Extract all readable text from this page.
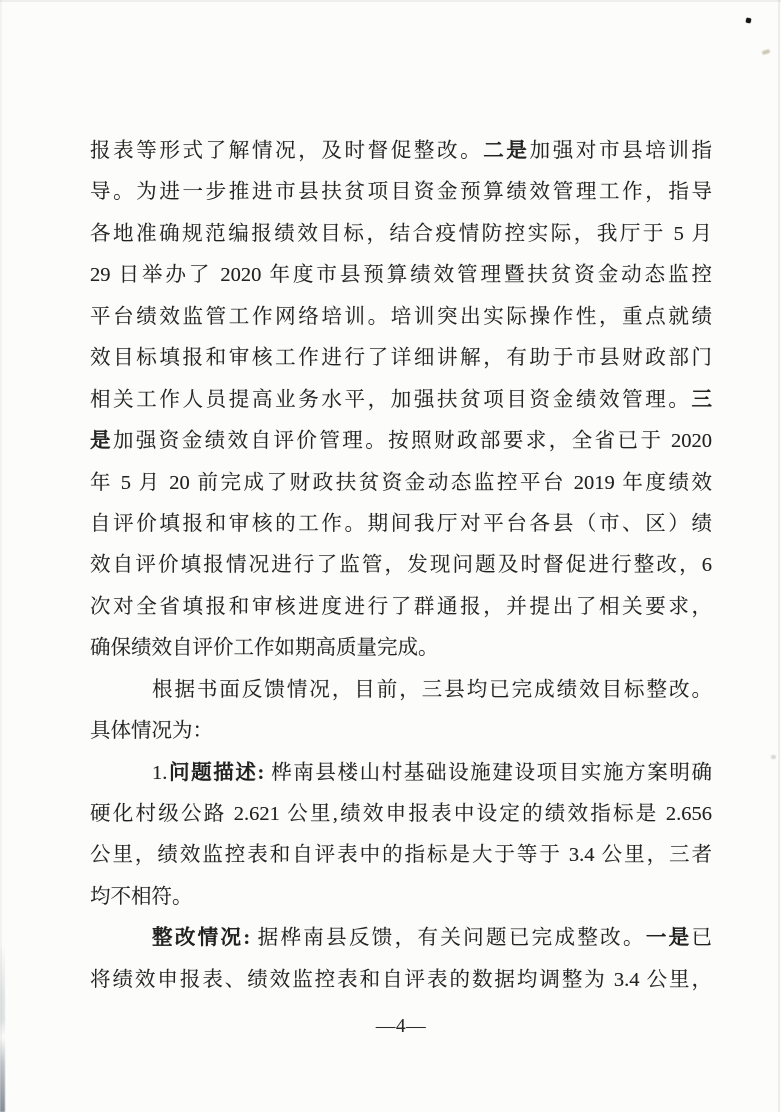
报表等形式了解情况，及时督促整改。二是加强对市县培训指
导。为进一步推进市县扶贫项目资金预算绩效管理工作，指导
各地准确规范编报绩效目标，结合疫情防控实际，我厅于 5 月
29 日举办了 2020 年度市县预算绩效管理暨扶贫资金动态监控
平台绩效监管工作网络培训。培训突出实际操作性，重点就绩
效目标填报和审核工作进行了详细讲解，有助于市县财政部门
相关工作人员提高业务水平，加强扶贫项目资金绩效管理。三
是加强资金绩效自评价管理。按照财政部要求，全省已于 2020
年 5 月 20 前完成了财政扶贫资金动态监控平台 2019 年度绩效
自评价填报和审核的工作。期间我厅对平台各县（市、区）绩
效自评价填报情况进行了监管，发现问题及时督促进行整改，6
次对全省填报和审核进度进行了群通报，并提出了相关要求，
确保绩效自评价工作如期高质量完成。
根据书面反馈情况，目前，三县均已完成绩效目标整改。
具体情况为：
1.问题描述: 桦南县楼山村基础设施建设项目实施方案明确
硬化村级公路 2.621 公里,绩效申报表中设定的绩效指标是 2.656
公里，绩效监控表和自评表中的指标是大于等于 3.4 公里，三者
均不相符。
整改情况: 据桦南县反馈，有关问题已完成整改。一是已
将绩效申报表、绩效监控表和自评表的数据均调整为 3.4 公里，
—4—
